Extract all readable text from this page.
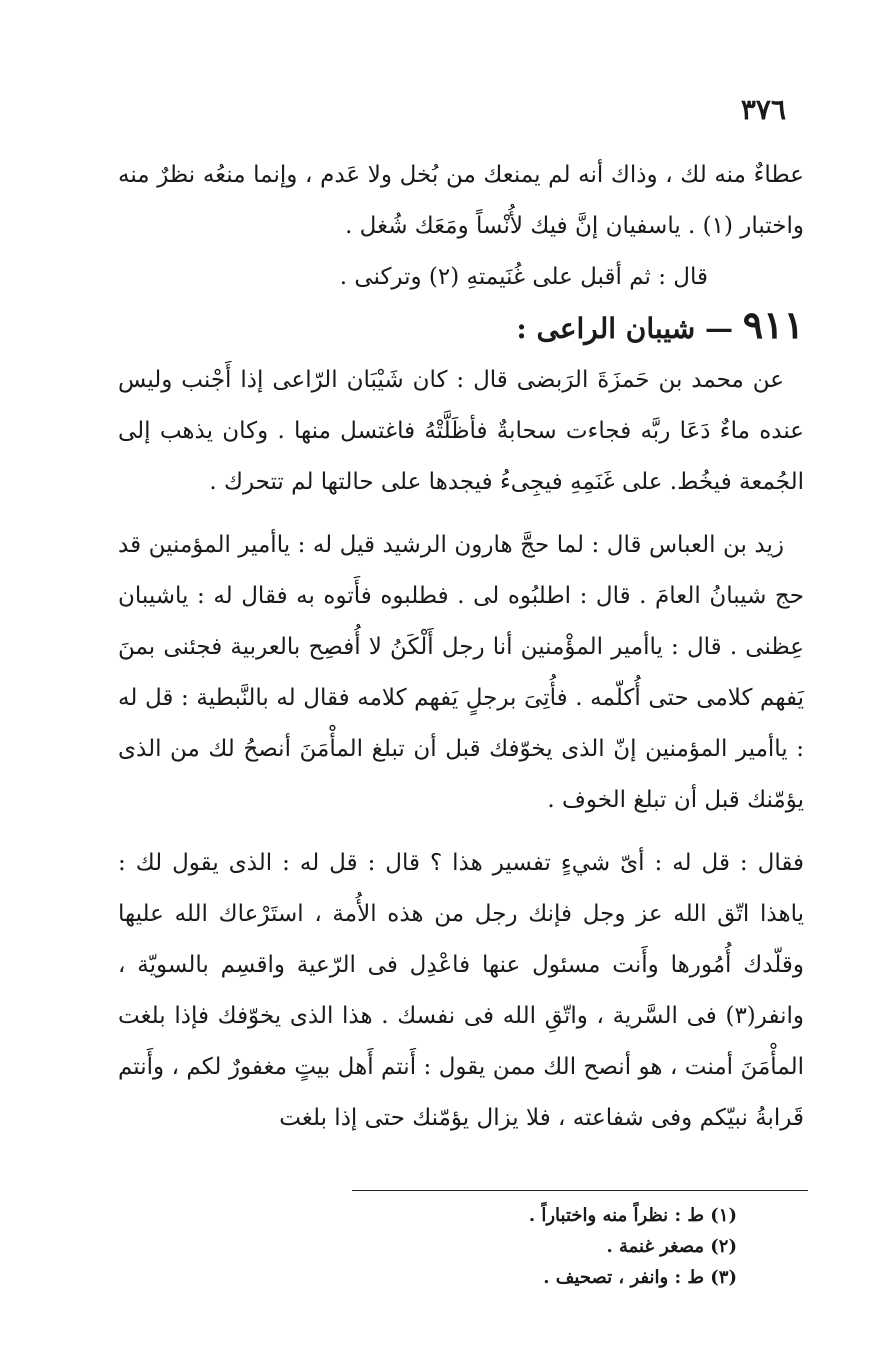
٣٧٦

عطاءٌ منه لك ، وذاك أنه لم يمنعك من بُخل ولا عَدم ، وإنما منعُه نظرٌ منه واختبار (١) . ياسفيان إنَّ فيك لأُنْساً ومَعَك شُغل .

قال : ثم أقبل على غُنَيمتهِ (٢) وتركنى .

٩١١ — شيبان الراعى :

عن محمد بن حَمزَةَ الرَبضى قال : كان شَيْبَان الرّاعى إذا أَجْنب وليس عنده ماءٌ دَعَا ربَّه فجاءت سحابةٌ فأظَلَّتْهُ فاغتسل منها . وكان يذهب إلى الجُمعة فيخُط. على غَنَمِهِ فيجِىءُ فيجدها على حالتها لم تتحرك .

زيد بن العباس قال : لما حجَّ هارون الرشيد قيل له : ياأمير المؤمنين قد حج شيبانُ العامَ . قال : اطلبُوه لى . فطلبوه فأَتوه به فقال له : ياشيبان عِظنى . قال : ياأمير المؤْمنين أنا رجل أَلْكَنُ لا أُفصِح بالعربية فجئنى بمنَ يَفهم كلامى حتى أُكلّمه . فأُتِىَ برجلٍ يَفهم كلامه فقال له بالنَّبطية : قل له : ياأمير المؤمنين إنّ الذى يخوّفك قبل أن تبلغ المأْمَنَ أنصحُ لك من الذى يؤمّنك قبل أن تبلغ الخوف .

فقال : قل له : أىّ شيءٍ تفسير هذا ؟ قال : قل له : الذى يقول لك : ياهذا اتّق الله عز وجل فإنك رجل من هذه الأُمة ، استَرْعاك الله عليها وقلّدك أُمُورها وأَنت مسئول عنها فاعْدِل فى الرّعية واقسِم بالسويّة ، وانفر(٣) فى السَّرية ، واتّقِ الله فى نفسك . هذا الذى يخوّفك فإذا بلغت المأْمَنَ أمنت ، هو أنصح الك ممن يقول : أَنتم أَهل بيتٍ مغفورٌ لكم ، وأَنتم قَرابةُ نبيّكم وفى شفاعته ، فلا يزال يؤمّنك حتى إذا بلغت

(١) ط : نظراً منه واختباراً .
(٢) مصغر غنمة .
(٣) ط : وانفر ، تصحيف .
